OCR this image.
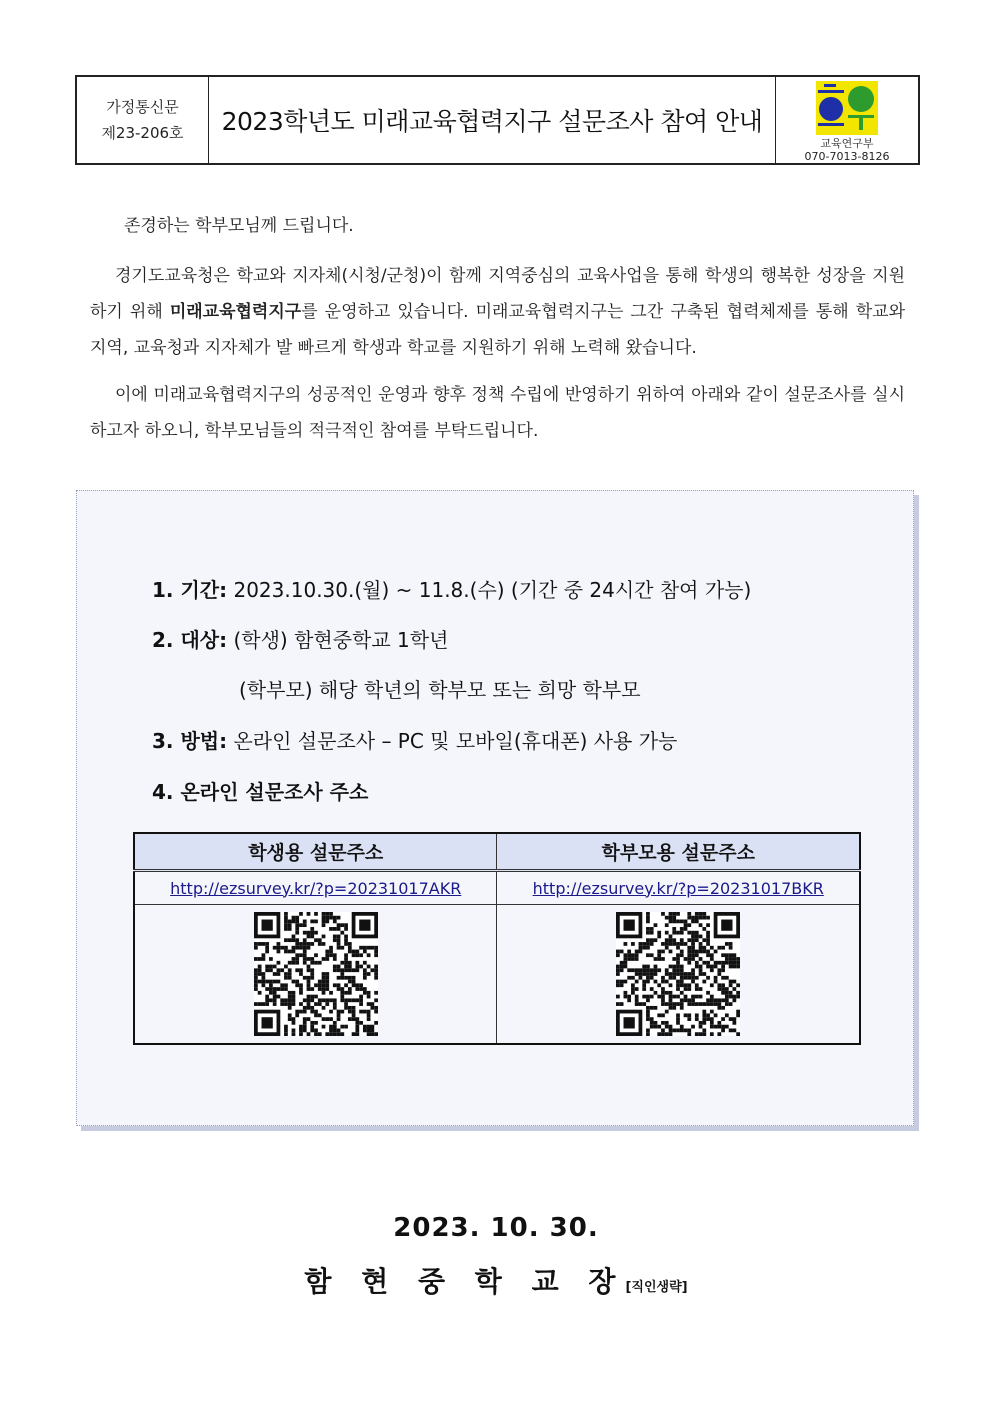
가정통신문
제23-206호	2023학년도 미래교육협력지구 설문조사 참여 안내
교육연구부
070-7013-8126
존경하는 학부모님께 드립니다.
경기도교육청은 학교와 지자체(시청/군청)이 함께 지역중심의 교육사업을 통해 학생의 행복한 성장을 지원하기 위해 미래교육협력지구를 운영하고 있습니다. 미래교육협력지구는 그간 구축된 협력체제를 통해 학교와 지역, 교육청과 지자체가 발 빠르게 학생과 학교를 지원하기 위해 노력해 왔습니다.
이에 미래교육협력지구의 성공적인 운영과 향후 정책 수립에 반영하기 위하여 아래와 같이 설문조사를 실시하고자 하오니, 학부모님들의 적극적인 참여를 부탁드립니다.
1. 기간: 2023.10.30.(월) ~ 11.8.(수) (기간 중 24시간 참여 가능)
2. 대상: (학생) 함현중학교 1학년
(학부모) 해당 학년의 학부모 또는 희망 학부모
3. 방법: 온라인 설문조사 – PC 및 모바일(휴대폰) 사용 가능
4. 온라인 설문조사 주소
학생용 설문주소	학부모용 설문주소
http://ezsurvey.kr/?p=20231017AKR	http://ezsurvey.kr/?p=20231017BKR

2023. 10. 30.
함 현 중 학 교 장[직인생략]
